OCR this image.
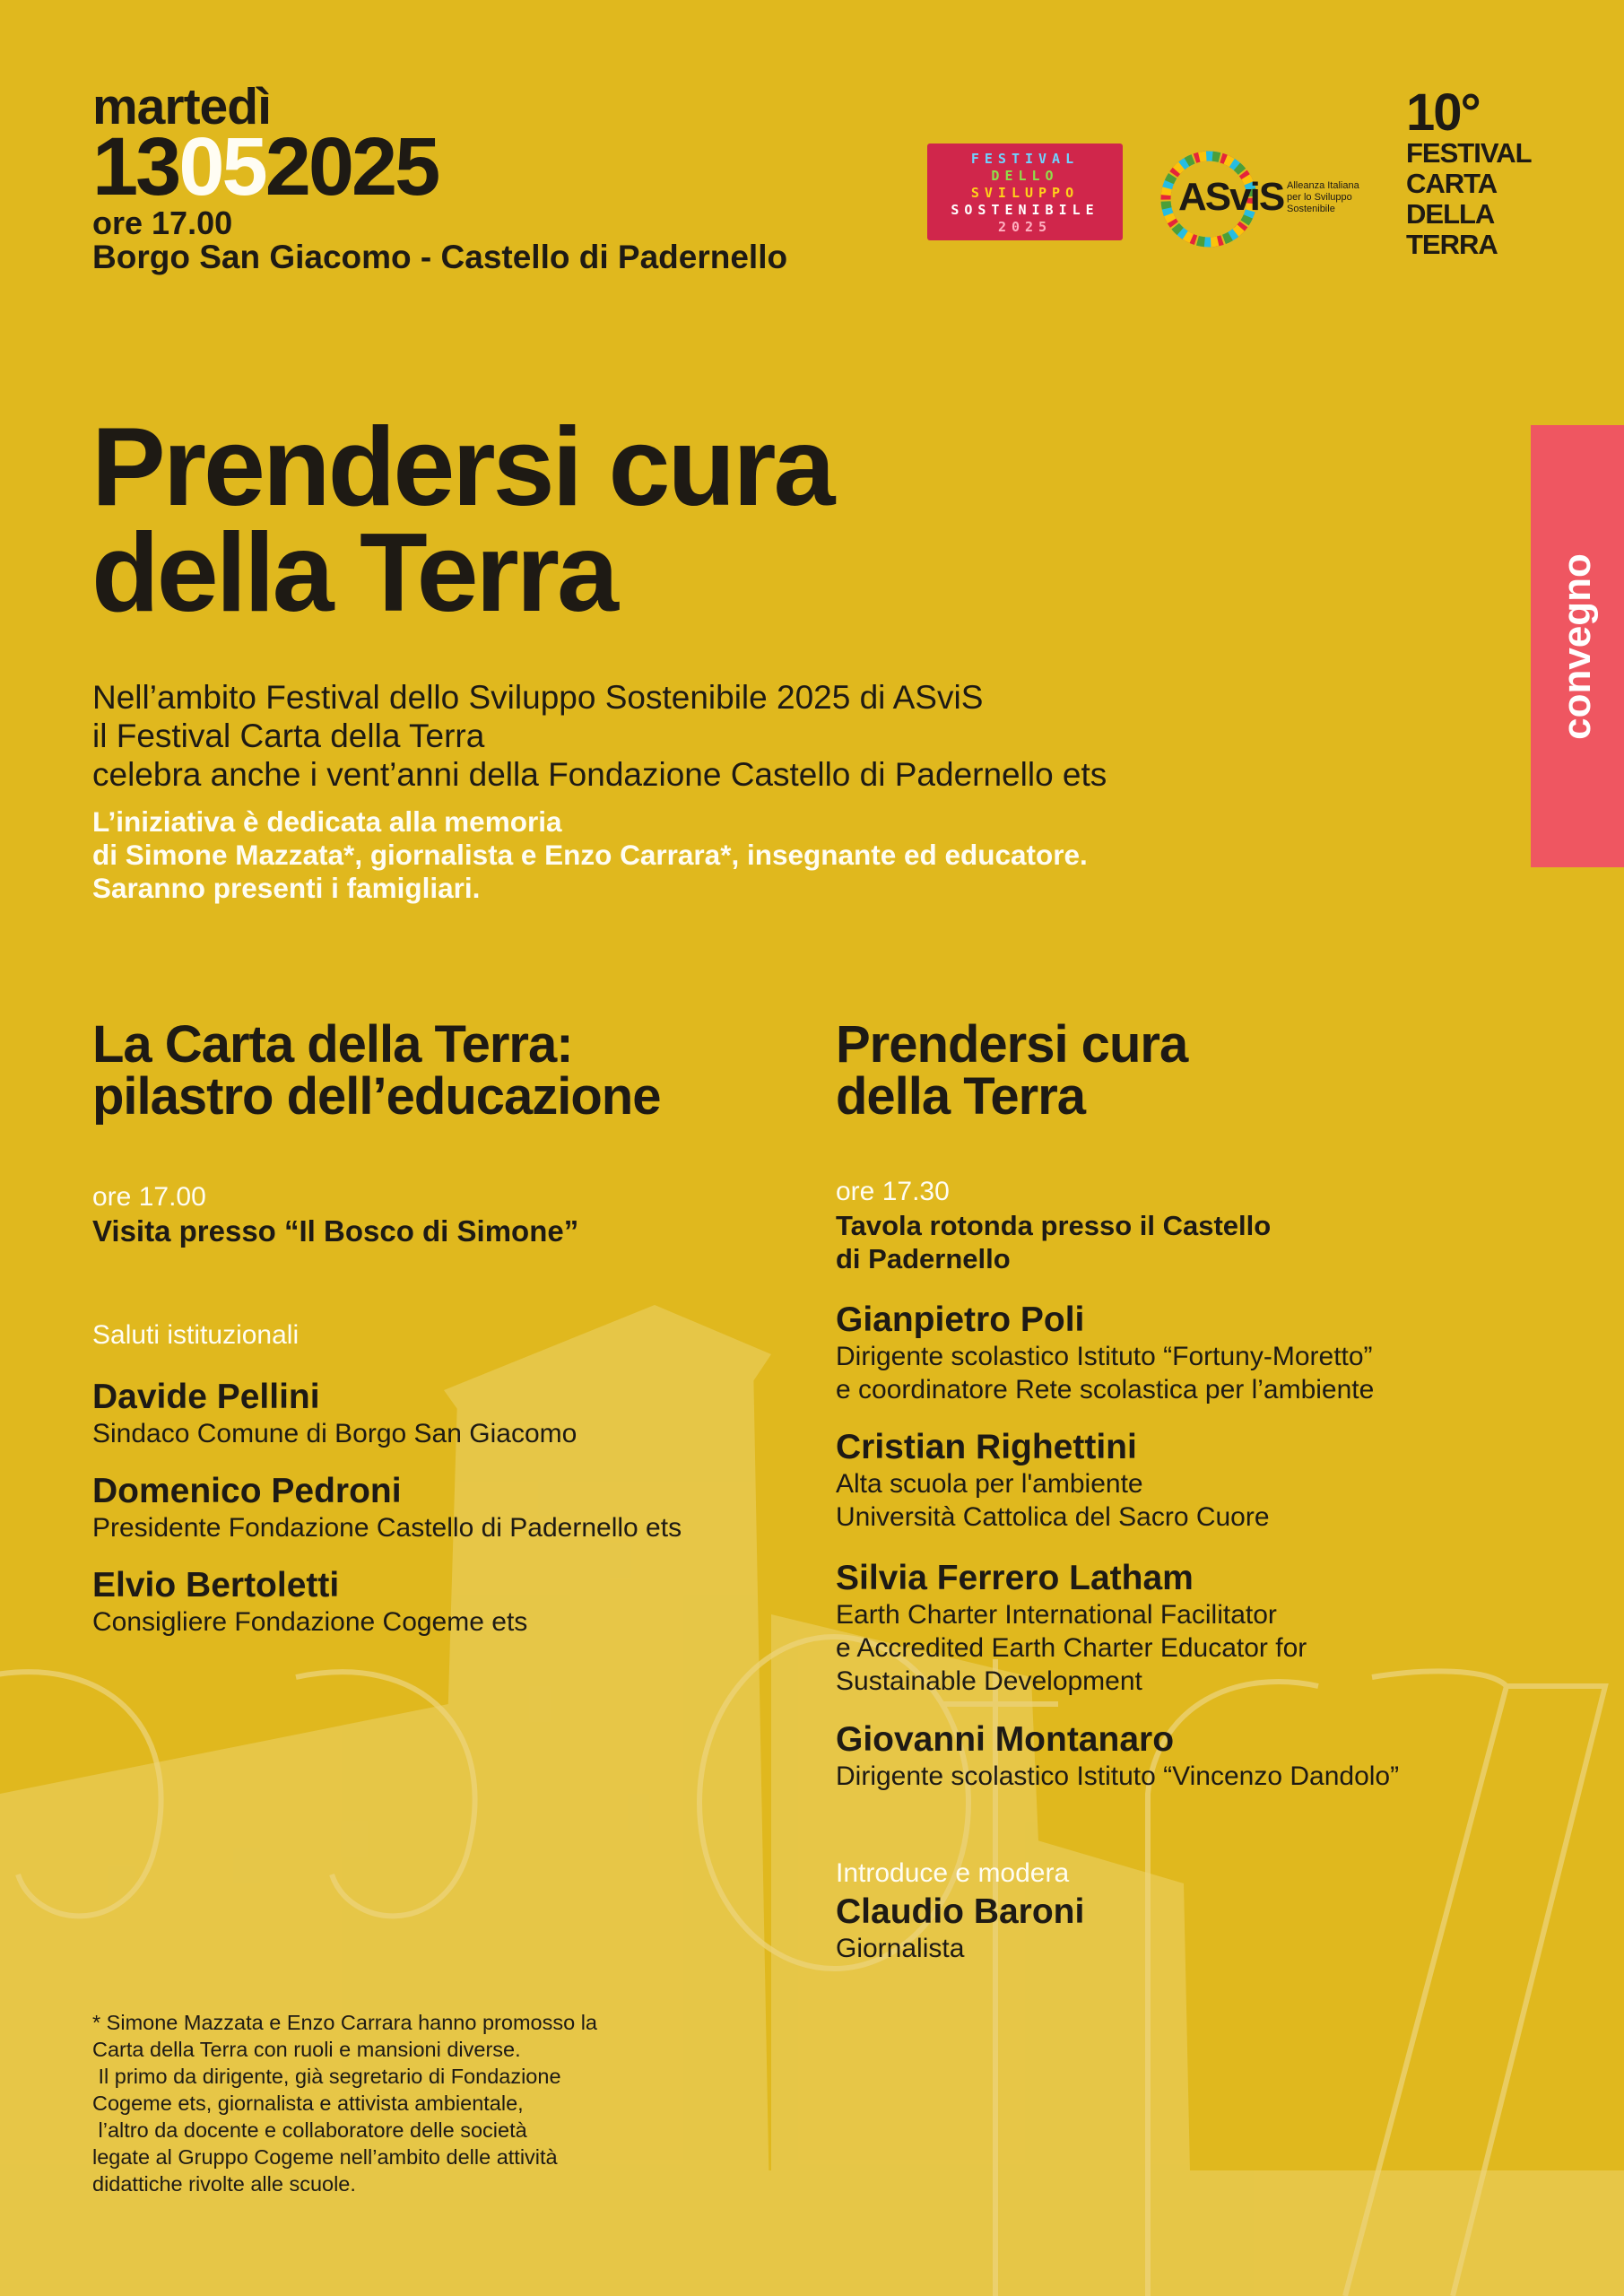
martedì
13052025
ore 17.00
Borgo San Giacomo - Castello di Padernello
FESTIVAL
DELLO
SVILUPPO
SOSTENIBILE
2025
ASviS Alleanza Italiana
per lo Sviluppo
Sostenibile
10°
FESTIVAL
CARTA
DELLA
TERRA
convegno
Prendersi cura
della Terra
Nell’ambito Festival dello Sviluppo Sostenibile 2025 di ASviS
il Festival Carta della Terra
celebra anche i vent’anni della Fondazione Castello di Padernello ets
L’iniziativa è dedicata alla memoria
di Simone Mazzata*, giornalista e Enzo Carrara*, insegnante ed educatore.
Saranno presenti i famigliari.
La Carta della Terra:
pilastro dell’educazione
ore 17.00
Visita presso “Il Bosco di Simone”
Saluti istituzionali
Davide Pellini
Sindaco Comune di Borgo San Giacomo
Domenico Pedroni
Presidente Fondazione Castello di Padernello ets
Elvio Bertoletti
Consigliere Fondazione Cogeme ets
Prendersi cura
della Terra
ore 17.30
Tavola rotonda presso il Castello
di Padernello
Gianpietro Poli
Dirigente scolastico Istituto “Fortuny-Moretto”
e coordinatore Rete scolastica per l’ambiente
Cristian Righettini
Alta scuola per l'ambiente
Università Cattolica del Sacro Cuore
Silvia Ferrero Latham
Earth Charter International Facilitator
e Accredited Earth Charter Educator for
Sustainable Development
Giovanni Montanaro
Dirigente scolastico Istituto “Vincenzo Dandolo”
Introduce e modera
Claudio Baroni
Giornalista
* Simone Mazzata e Enzo Carrara hanno promosso la
Carta della Terra con ruoli e mansioni diverse.
Il primo da dirigente, già segretario di Fondazione
Cogeme ets, giornalista e attivista ambientale,
l’altro da docente e collaboratore delle società
legate al Gruppo Cogeme nell’ambito delle attività
didattiche rivolte alle scuole.
